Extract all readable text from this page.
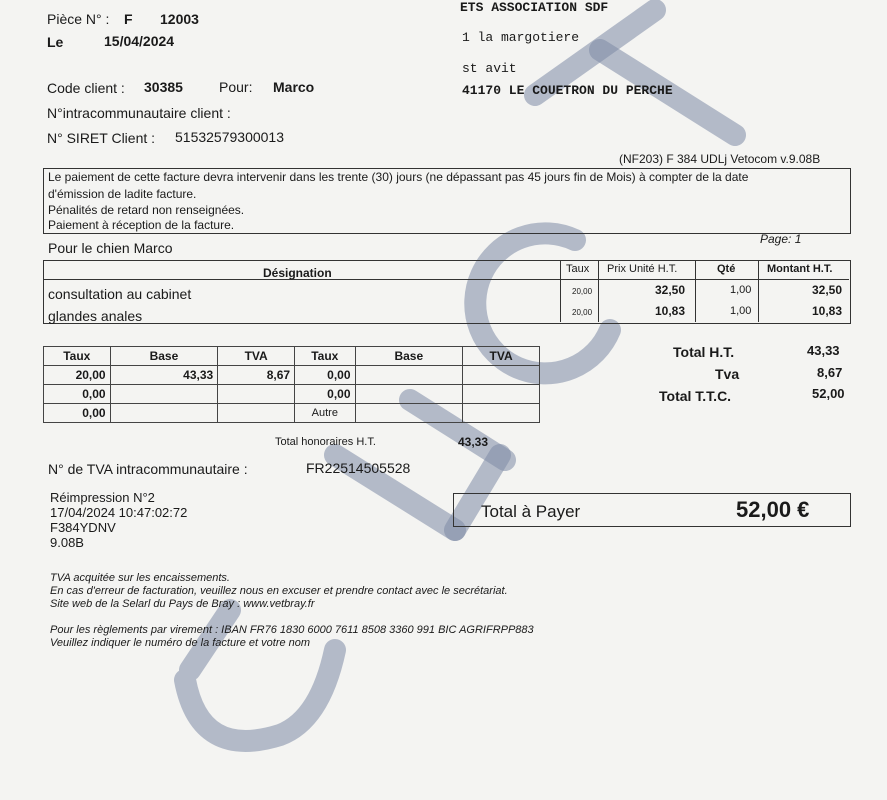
Pièce N° : F 12003
Le	15/04/2024
ETS ASSOCIATION SDF
1 la margotiere
st avit
41170 LE COUETRON DU PERCHE
Code client : 30385	Pour: Marco
N°intracommunautaire client :
N° SIRET Client : 51532579300013
(NF203) F 384 UDLj Vetocom v.9.08B
Le paiement de cette facture devra intervenir dans les trente (30) jours (ne dépassant pas 45 jours fin de Mois) à compter de la date
d'émission de ladite facture.
Pénalités de retard non renseignées.
Paiement à réception de la facture.
Pour le chien Marco
Page: 1
Désignation	Taux Prix Unité H.T.	Qté	Montant H.T.
consultation au cabinet	20,00	32,50	1,00	32,50
glandes anales	20,00	10,83	1,00	10,83
Taux	Base	TVA	Taux	Base	TVA
20,00	43,33	8,67	0,00		
0,00			0,00		
0,00			Autre		
Total honoraires H.T.	43,33
Total H.T.	43,33
Tva	8,67
Total T.T.C.	52,00
N° de TVA intracommunautaire :	FR22514505528
Réimpression N°2
17/04/2024 10:47:02:72
F384YDNV
9.08B
Total à Payer	52,00 €
TVA acquitée sur les encaissements.
En cas d'erreur de facturation, veuillez nous en excuser et prendre contact avec le secrétariat.
Site web de la Selarl du Pays de Bray : www.vetbray.fr
Pour les règlements par virement : IBAN FR76 1830 6000 7611 8508 3360 991 BIC AGRIFRPP883
Veuillez indiquer le numéro de la facture et votre nom
